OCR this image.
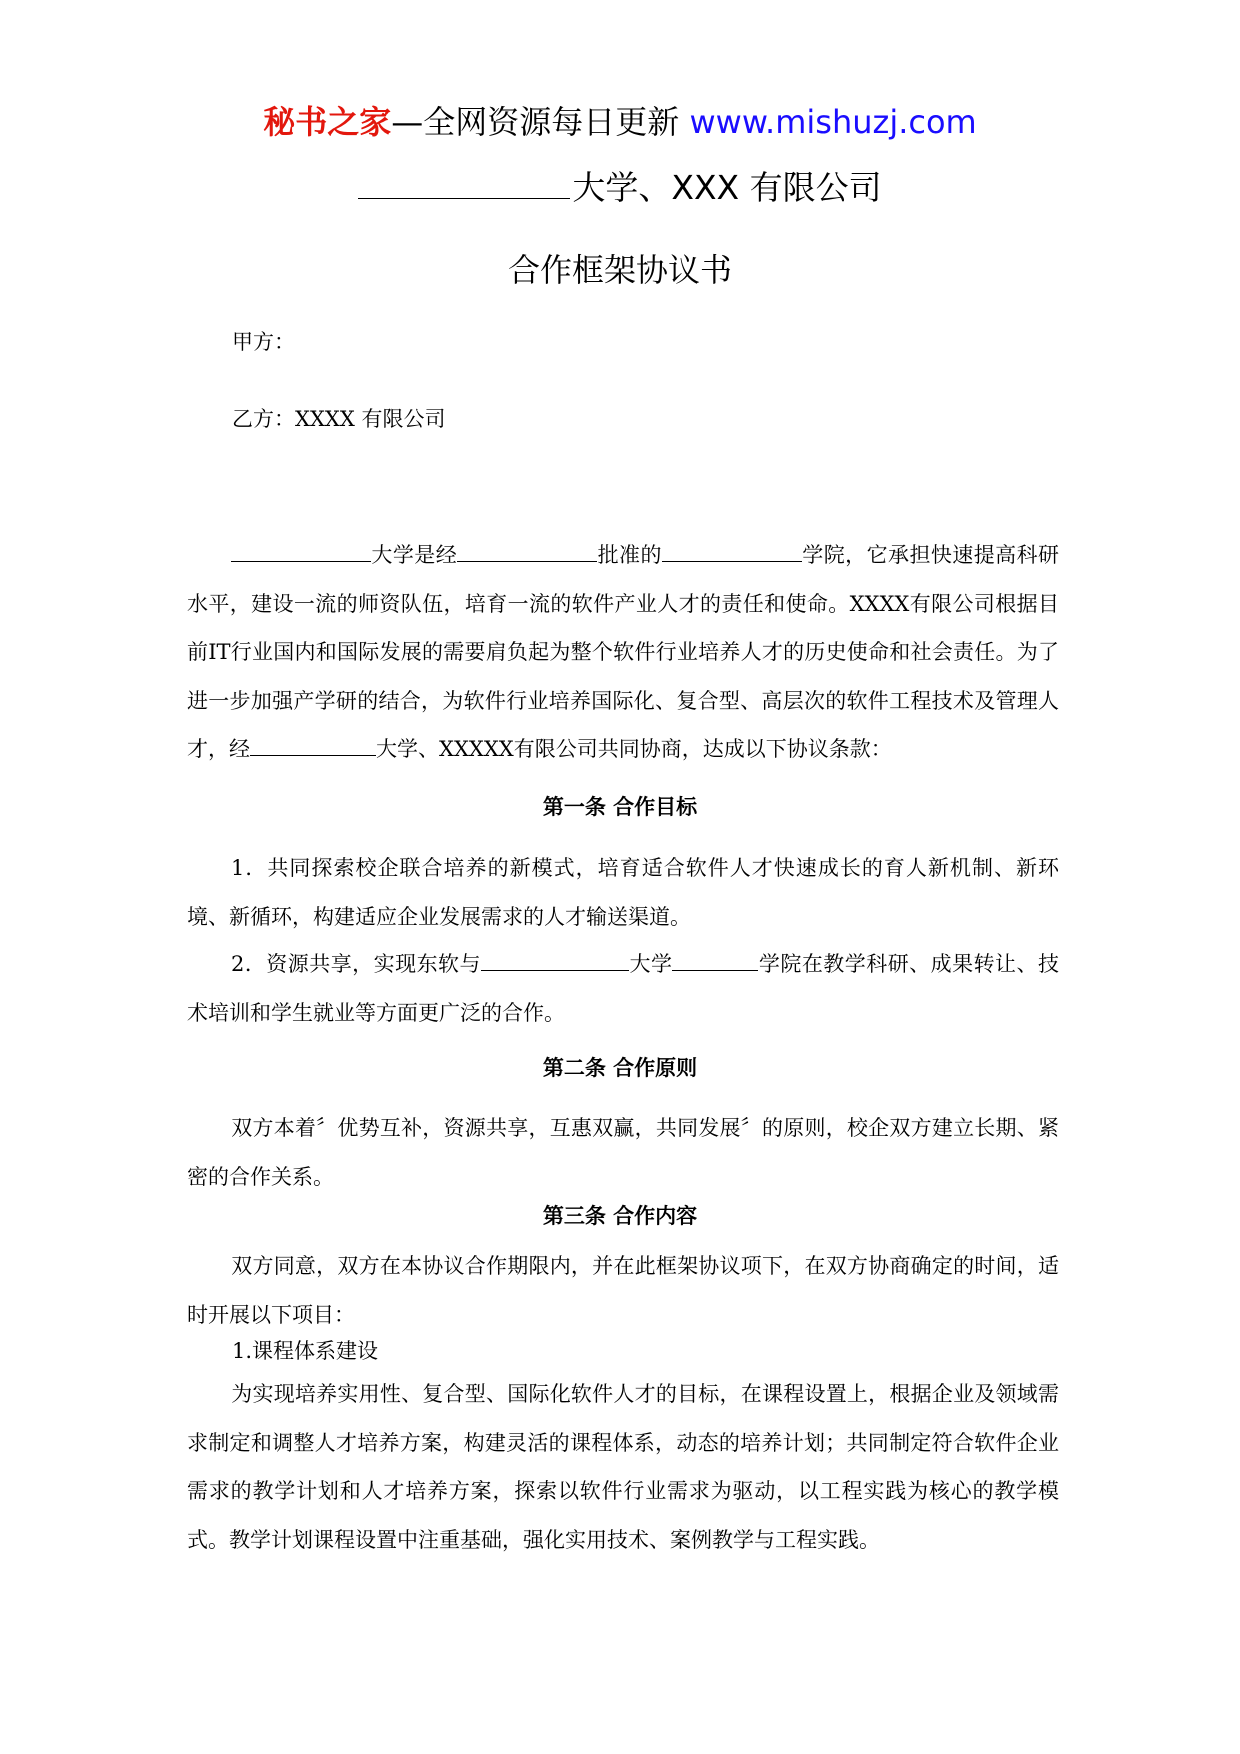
秘书之家—全网资源每日更新 www.mishuzj.com
大学、XXX 有限公司
合作框架协议书
甲方：
乙方：XXXX 有限公司
大学是经	批准的	学院，它承担快速提高科研水平，建设一流的师资队伍，培育一流的软件产业人才的责任和使命。XXXX有限公司根据目前IT行业国内和国际发展的需要肩负起为整个软件行业培养人才的历史使命和社会责任。为了进一步加强产学研的结合，为软件行业培养国际化、复合型、高层次的软件工程技术及管理人才，经	大学、XXXXX有限公司共同协商，达成以下协议条款：
第一条 合作目标
1．共同探索校企联合培养的新模式，培育适合软件人才快速成长的育人新机制、新环境、新循环，构建适应企业发展需求的人才输送渠道。
2．资源共享，实现东软与	大学	学院在教学科研、成果转让、技术培训和学生就业等方面更广泛的合作。
第二条 合作原则
双方本着〞优势互补，资源共享，互惠双赢，共同发展〞的原则，校企双方建立长期、紧密的合作关系。
第三条 合作内容
双方同意，双方在本协议合作期限内，并在此框架协议项下，在双方协商确定的时间，适时开展以下项目：
1.课程体系建设
为实现培养实用性、复合型、国际化软件人才的目标，在课程设置上，根据企业及领域需求制定和调整人才培养方案，构建灵活的课程体系，动态的培养计划；共同制定符合软件企业需求的教学计划和人才培养方案，探索以软件行业需求为驱动，以工程实践为核心的教学模式。教学计划课程设置中注重基础，强化实用技术、案例教学与工程实践。
